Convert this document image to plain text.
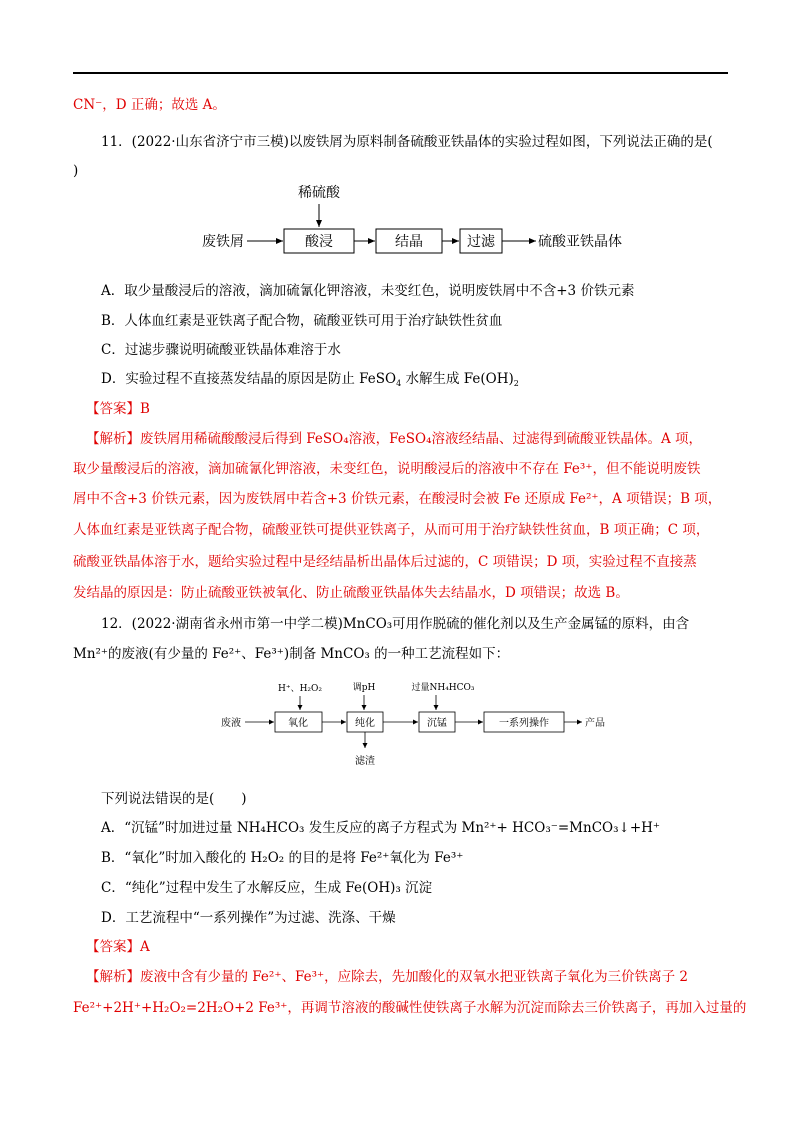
CN⁻，D 正确；故选 A。
11．(2022·山东省济宁市三模)以废铁屑为原料制备硫酸亚铁晶体的实验过程如图，下列说法正确的是(
)
稀硫酸
废铁屑	酸浸	结晶	过滤	硫酸亚铁晶体
A．取少量酸浸后的溶液，滴加硫氰化钾溶液，未变红色，说明废铁屑中不含+3 价铁元素
B．人体血红素是亚铁离子配合物，硫酸亚铁可用于治疗缺铁性贫血
C．过滤步骤说明硫酸亚铁晶体难溶于水
D．实验过程不直接蒸发结晶的原因是防止 FeSO$_4$ 水解生成 $Fe(OH)_2$
【答案】B
【解析】废铁屑用稀硫酸酸浸后得到 FeSO₄溶液，FeSO₄溶液经结晶、过滤得到硫酸亚铁晶体。A 项，
取少量酸浸后的溶液，滴加硫氰化钾溶液，未变红色，说明酸浸后的溶液中不存在 Fe³⁺，但不能说明废铁
屑中不含+3 价铁元素，因为废铁屑中若含+3 价铁元素，在酸浸时会被 Fe 还原成 Fe²⁺，A 项错误；B 项，
人体血红素是亚铁离子配合物，硫酸亚铁可提供亚铁离子，从而可用于治疗缺铁性贫血，B 项正确；C 项，
硫酸亚铁晶体溶于水，题给实验过程中是经结晶析出晶体后过滤的，C 项错误；D 项，实验过程不直接蒸
发结晶的原因是：防止硫酸亚铁被氧化、防止硫酸亚铁晶体失去结晶水，D 项错误；故选 B。
12．(2022·湖南省永州市第一中学二模)MnCO₃可用作脱硫的催化剂以及生产金属锰的原料，由含
Mn²⁺的废液(有少量的 Fe²⁺、Fe³⁺)制备 MnCO₃ 的一种工艺流程如下：
H⁺、H₂O₂	调pH	过量NH₄HCO₃
废液	氧化	纯化	沉锰	一系列操作	产品
滤渣
下列说法错误的是(　　)
A．“沉锰”时加进过量 NH₄HCO₃ 发生反应的离子方程式为 Mn²⁺+ HCO₃⁻=MnCO₃↓+H⁺
B．“氧化”时加入酸化的 H₂O₂ 的目的是将 Fe²⁺氧化为 Fe³⁺
C．“纯化”过程中发生了水解反应，生成 Fe(OH)₃ 沉淀
D．工艺流程中“一系列操作”为过滤、洗涤、干燥
【答案】A
【解析】废液中含有少量的 Fe²⁺、Fe³⁺，应除去，先加酸化的双氧水把亚铁离子氧化为三价铁离子 2
Fe²⁺+2H⁺+H₂O₂=2H₂O+2 Fe³⁺，再调节溶液的酸碱性使铁离子水解为沉淀而除去三价铁离子，再加入过量的
